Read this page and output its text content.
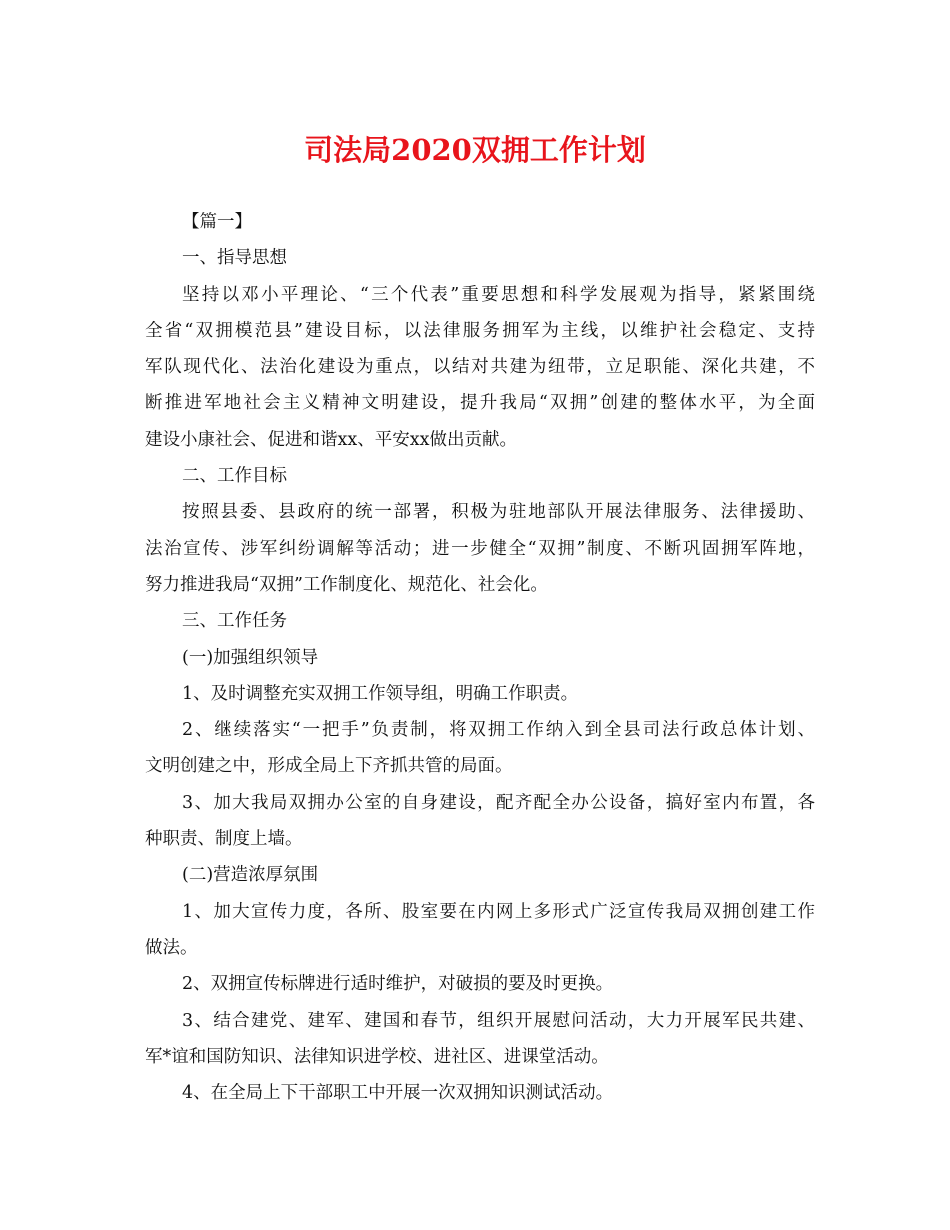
司法局2020双拥工作计划
【篇一】
一、指导思想
坚持以邓小平理论、“三个代表”重要思想和科学发展观为指导，紧紧围绕
全省“双拥模范县”建设目标，以法律服务拥军为主线，以维护社会稳定、支持
军队现代化、法治化建设为重点，以结对共建为纽带，立足职能、深化共建，不
断推进军地社会主义精神文明建设，提升我局“双拥”创建的整体水平，为全面
建设小康社会、促进和谐xx、平安xx做出贡献。
二、工作目标
按照县委、县政府的统一部署，积极为驻地部队开展法律服务、法律援助、
法治宣传、涉军纠纷调解等活动；进一步健全“双拥”制度、不断巩固拥军阵地，
努力推进我局“双拥”工作制度化、规范化、社会化。
三、工作任务
(一)加强组织领导
1、及时调整充实双拥工作领导组，明确工作职责。
2、继续落实“一把手”负责制，将双拥工作纳入到全县司法行政总体计划、
文明创建之中，形成全局上下齐抓共管的局面。
3、加大我局双拥办公室的自身建设，配齐配全办公设备，搞好室内布置，各
种职责、制度上墙。
(二)营造浓厚氛围
1、加大宣传力度，各所、股室要在内网上多形式广泛宣传我局双拥创建工作
做法。
2、双拥宣传标牌进行适时维护，对破损的要及时更换。
3、结合建党、建军、建国和春节，组织开展慰问活动，大力开展军民共建、
军*谊和国防知识、法律知识进学校、进社区、进课堂活动。
4、在全局上下干部职工中开展一次双拥知识测试活动。
